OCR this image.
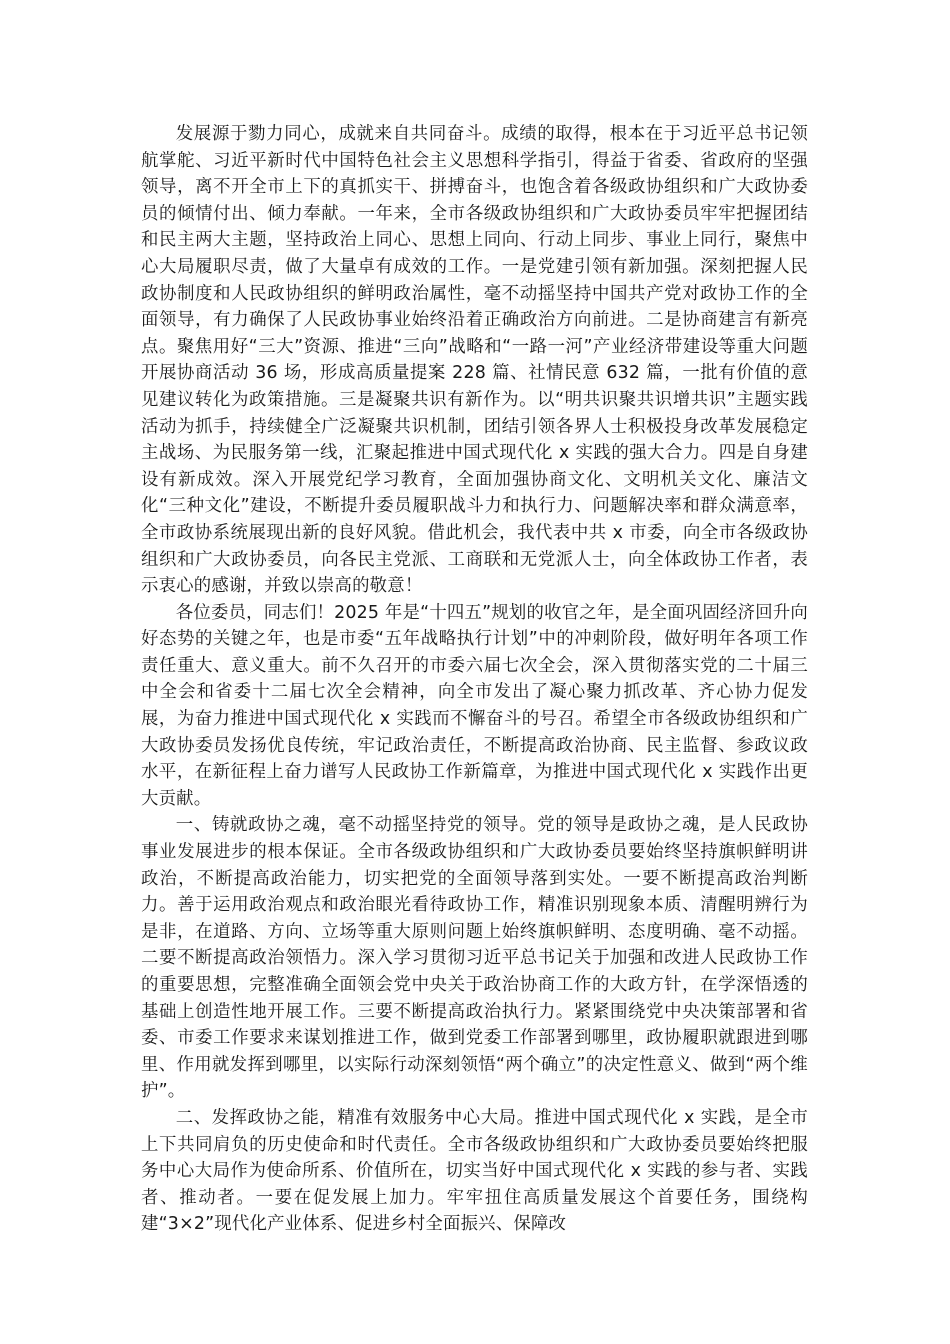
发展源于勠力同心，成就来自共同奋斗。成绩的取得，根本在于习近平总书记领航掌舵、习近平新时代中国特色社会主义思想科学指引，得益于省委、省政府的坚强领导，离不开全市上下的真抓实干、拼搏奋斗，也饱含着各级政协组织和广大政协委员的倾情付出、倾力奉献。一年来，全市各级政协组织和广大政协委员牢牢把握团结和民主两大主题，坚持政治上同心、思想上同向、行动上同步、事业上同行，聚焦中心大局履职尽责，做了大量卓有成效的工作。一是党建引领有新加强。深刻把握人民政协制度和人民政协组织的鲜明政治属性，毫不动摇坚持中国共产党对政协工作的全面领导，有力确保了人民政协事业始终沿着正确政治方向前进。二是协商建言有新亮点。聚焦用好“三大”资源、推进“三向”战略和“一路一河”产业经济带建设等重大问题开展协商活动 36 场，形成高质量提案 228 篇、社情民意 632 篇，一批有价值的意见建议转化为政策措施。三是凝聚共识有新作为。以“明共识聚共识增共识”主题实践活动为抓手，持续健全广泛凝聚共识机制，团结引领各界人士积极投身改革发展稳定主战场、为民服务第一线，汇聚起推进中国式现代化 x 实践的强大合力。四是自身建设有新成效。深入开展党纪学习教育，全面加强协商文化、文明机关文化、廉洁文化“三种文化”建设，不断提升委员履职战斗力和执行力、问题解决率和群众满意率，全市政协系统展现出新的良好风貌。借此机会，我代表中共 x 市委，向全市各级政协组织和广大政协委员，向各民主党派、工商联和无党派人士，向全体政协工作者，表示衷心的感谢，并致以崇高的敬意！

各位委员，同志们！2025 年是“十四五”规划的收官之年，是全面巩固经济回升向好态势的关键之年，也是市委“五年战略执行计划”中的冲刺阶段，做好明年各项工作责任重大、意义重大。前不久召开的市委六届七次全会，深入贯彻落实党的二十届三中全会和省委十二届七次全会精神，向全市发出了凝心聚力抓改革、齐心协力促发展，为奋力推进中国式现代化 x 实践而不懈奋斗的号召。希望全市各级政协组织和广大政协委员发扬优良传统，牢记政治责任，不断提高政治协商、民主监督、参政议政水平，在新征程上奋力谱写人民政协工作新篇章，为推进中国式现代化 x 实践作出更大贡献。

一、铸就政协之魂，毫不动摇坚持党的领导。党的领导是政协之魂，是人民政协事业发展进步的根本保证。全市各级政协组织和广大政协委员要始终坚持旗帜鲜明讲政治，不断提高政治能力，切实把党的全面领导落到实处。一要不断提高政治判断力。善于运用政治观点和政治眼光看待政协工作，精准识别现象本质、清醒明辨行为是非，在道路、方向、立场等重大原则问题上始终旗帜鲜明、态度明确、毫不动摇。二要不断提高政治领悟力。深入学习贯彻习近平总书记关于加强和改进人民政协工作的重要思想，完整准确全面领会党中央关于政治协商工作的大政方针，在学深悟透的基础上创造性地开展工作。三要不断提高政治执行力。紧紧围绕党中央决策部署和省委、市委工作要求来谋划推进工作，做到党委工作部署到哪里，政协履职就跟进到哪里、作用就发挥到哪里，以实际行动深刻领悟“两个确立”的决定性意义、做到“两个维护”。

二、发挥政协之能，精准有效服务中心大局。推进中国式现代化 x 实践，是全市上下共同肩负的历史使命和时代责任。全市各级政协组织和广大政协委员要始终把服务中心大局作为使命所系、价值所在，切实当好中国式现代化 x 实践的参与者、实践者、推动者。一要在促发展上加力。牢牢扭住高质量发展这个首要任务，围绕构建“3×2”现代化产业体系、促进乡村全面振兴、保障改
